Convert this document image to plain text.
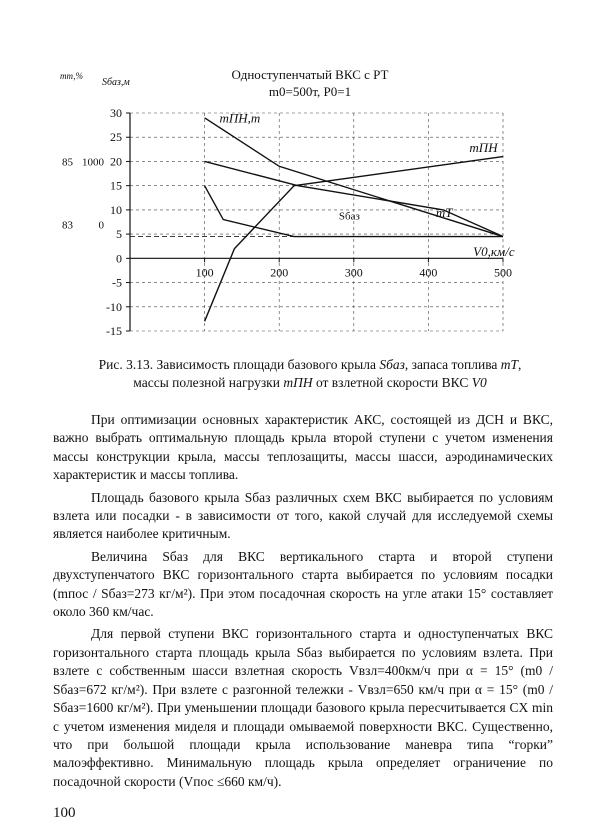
Одноступенчатый ВКС с РТ
m0=500т, P0=1
mт,%
Sбаз,м
30
25
20
15
10
5
0
-5
-10
-15
100	200	300	400	500
85 1000
83 0
mПН,т
mПН
Sбаз	mТ
V0,км/с
Рис. 3.13. Зависимость площади базового крыла Sбаз, запаса топлива mТ,
массы полезной нагрузки mПН от взлетной скорости ВКС V0

При оптимизации основных характеристик АКС, состоящей из ДСН и ВКС, важно выбрать оптимальную площадь крыла второй ступени с учетом изменения массы конструкции крыла, массы теплозащиты, массы шасси, аэродинамических характеристик и массы топлива.

Площадь базового крыла Sбаз различных схем ВКС выбирается по условиям взлета или посадки - в зависимости от того, какой случай для исследуемой схемы является наиболее критичным.

Величина Sбаз для ВКС вертикального старта и второй ступени двухступенчатого ВКС горизонтального старта выбирается по условиям посадки (mпос / Sбаз=273 кг/м²). При этом посадочная скорость на угле атаки 15° составляет около 360 км/час.

Для первой ступени ВКС горизонтального старта и одноступенчатых ВКС горизонтального старта площадь крыла Sбаз выбирается по условиям взлета. При взлете с собственным шасси взлетная скорость Vвзл=400км/ч при α = 15° (m0 / Sбаз=672 кг/м²). При взлете с разгонной тележки - Vвзл=650 км/ч при α = 15° (m0 / Sбаз=1600 кг/м²). При уменьшении площади базового крыла пересчитывается CX min с учетом изменения миделя и площади омываемой поверхности ВКС. Существенно, что при большой площади крыла использование маневра типа “горки” малоэффективно. Минимальную площадь крыла определяет ограничение по посадочной скорости (Vпос ≤660 км/ч).

100
